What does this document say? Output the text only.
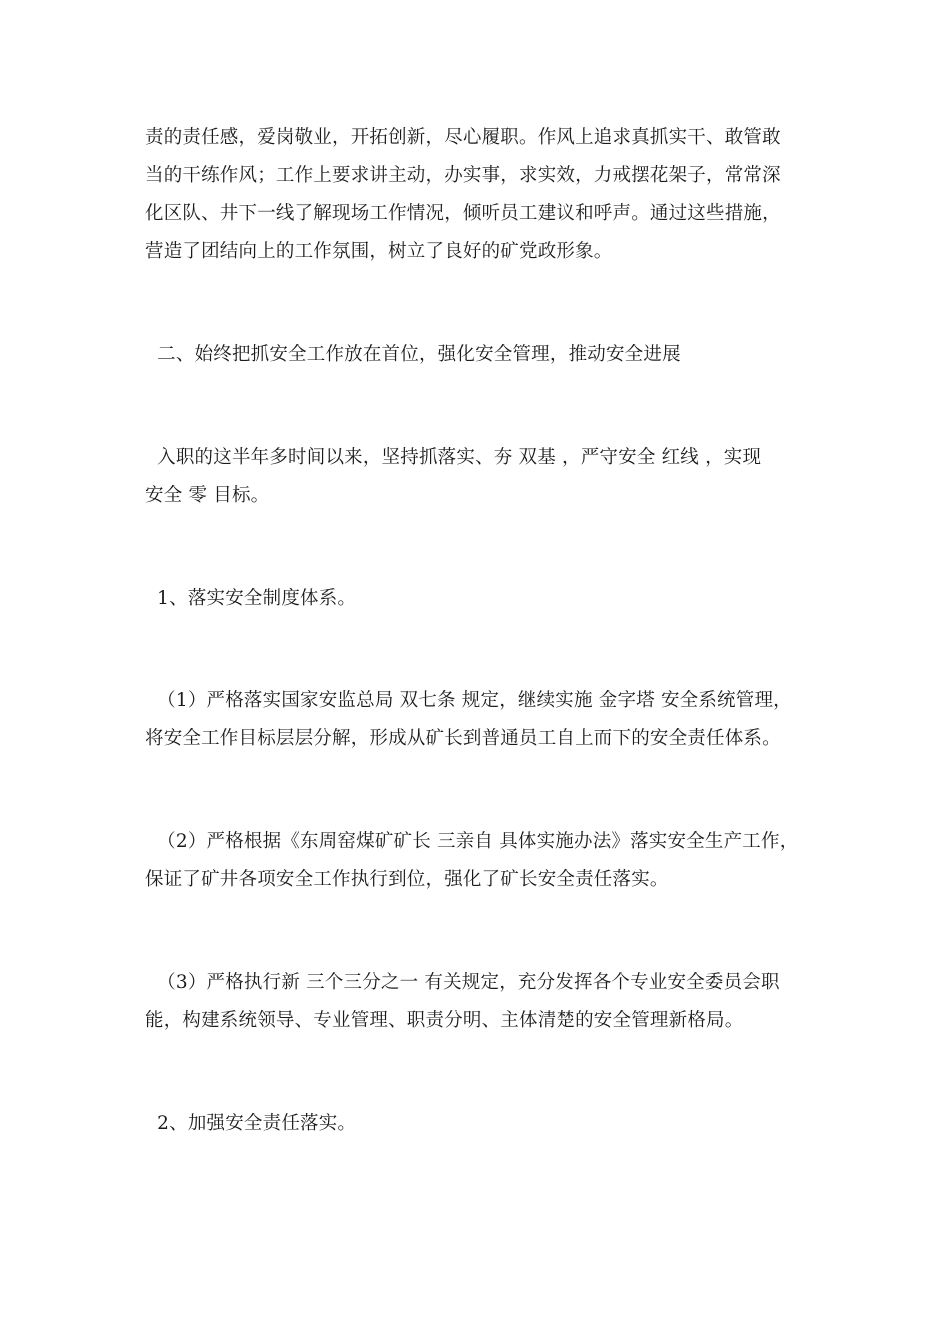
责的责任感，爱岗敬业，开拓创新，尽心履职。作风上追求真抓实干、敢管敢
当的干练作风；工作上要求讲主动，办实事，求实效，力戒摆花架子，常常深
化区队、井下一线了解现场工作情况，倾听员工建议和呼声。通过这些措施，
营造了团结向上的工作氛围，树立了良好的矿党政形象。
二、始终把抓安全工作放在首位，强化安全管理，推动安全进展
入职的这半年多时间以来，坚持抓落实、夯 双基 ，严守安全 红线 ，实现
安全 零 目标。
1、落实安全制度体系。
（1）严格落实国家安监总局 双七条 规定，继续实施 金字塔 安全系统管理，
将安全工作目标层层分解，形成从矿长到普通员工自上而下的安全责任体系。
（2）严格根据《东周窑煤矿矿长 三亲自 具体实施办法》落实安全生产工作，
保证了矿井各项安全工作执行到位，强化了矿长安全责任落实。
（3）严格执行新 三个三分之一 有关规定，充分发挥各个专业安全委员会职
能，构建系统领导、专业管理、职责分明、主体清楚的安全管理新格局。
2、加强安全责任落实。
